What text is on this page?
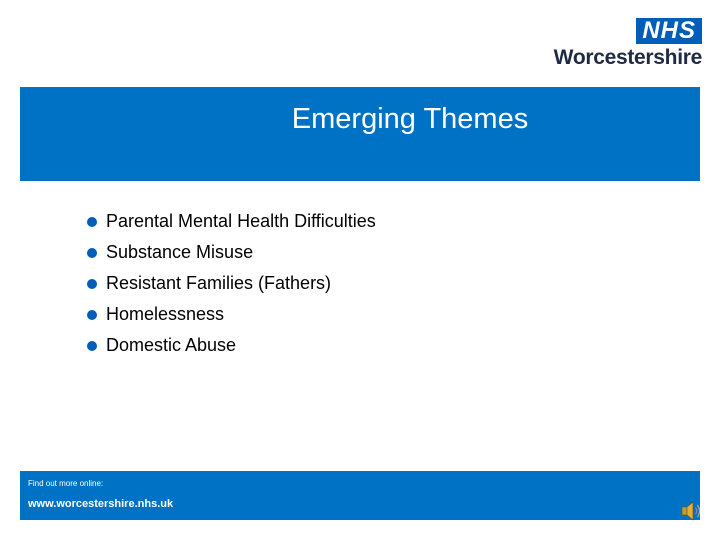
NHS
Worcestershire
Emerging Themes
Parental Mental Health Difficulties
Substance Misuse
Resistant Families (Fathers)
Homelessness
Domestic Abuse
Find out more online:
www.worcestershire.nhs.uk
